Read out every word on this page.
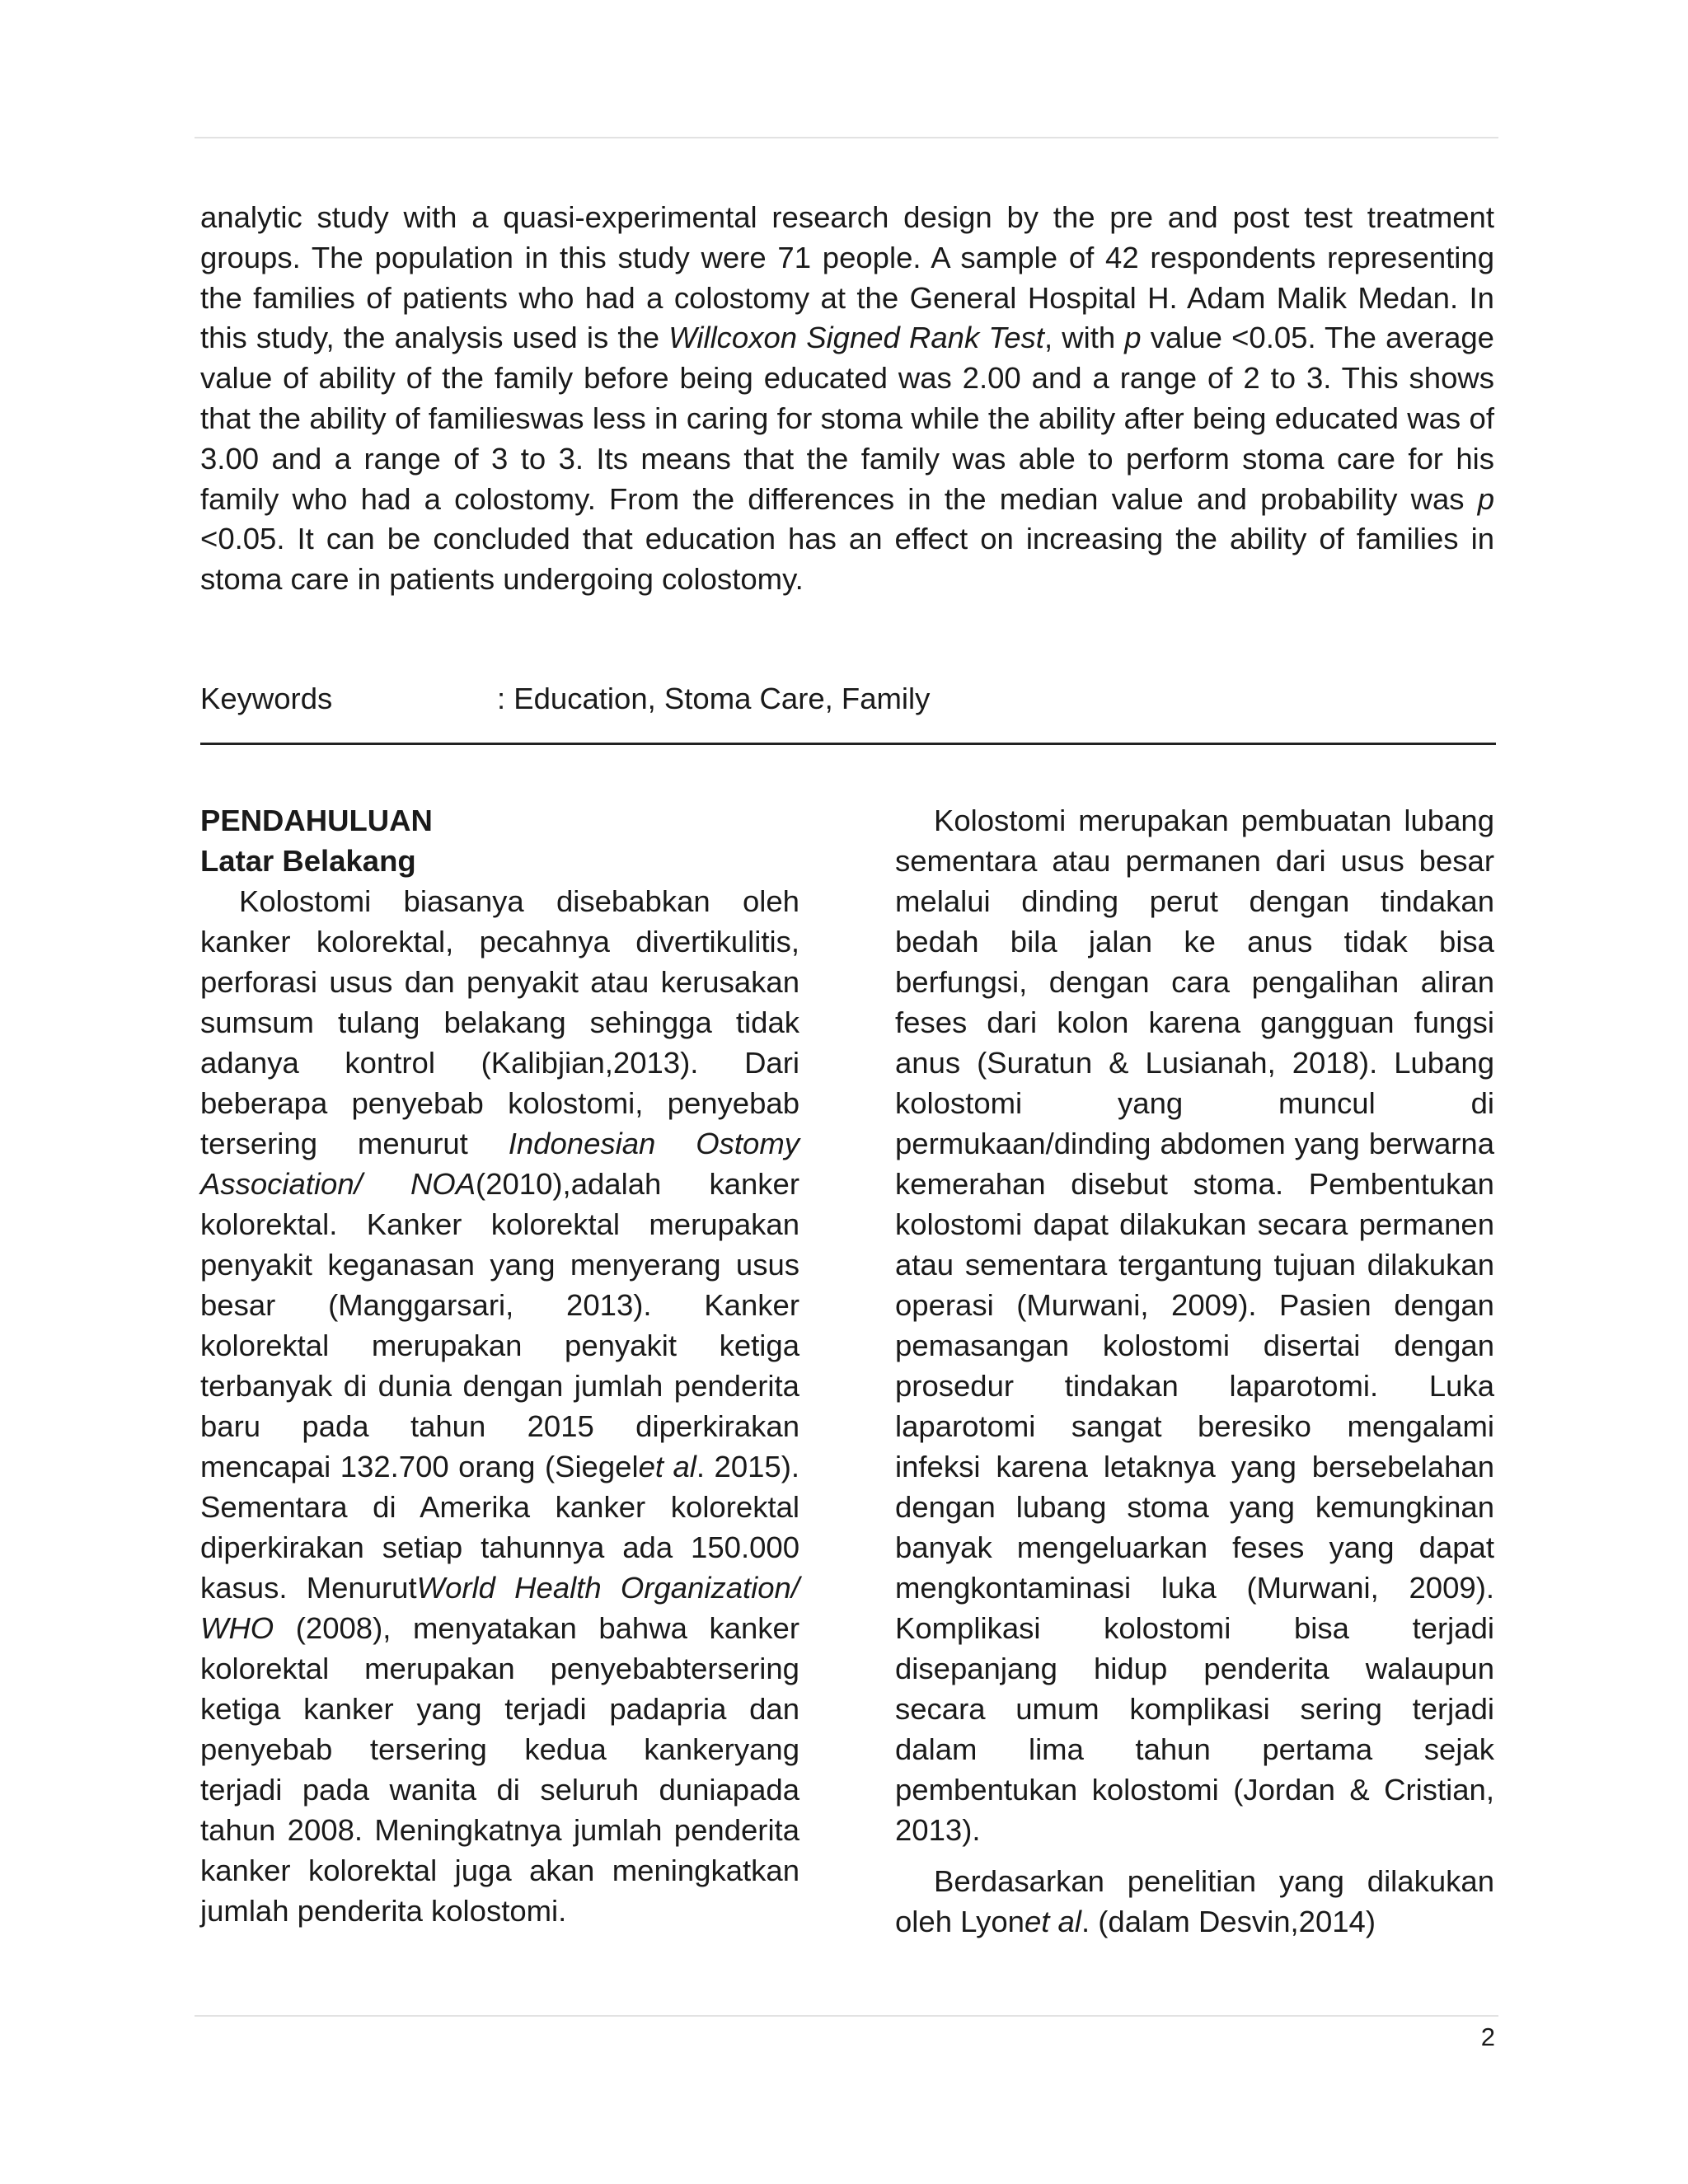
analytic study with a quasi-experimental research design by the pre and post test treatment groups. The population in this study were 71 people. A sample of 42 respondents representing the families of patients who had a colostomy at the General Hospital H. Adam Malik Medan. In this study, the analysis used is the Willcoxon Signed Rank Test, with p value <0.05. The average value of ability of the family before being educated was 2.00 and a range of 2 to 3. This shows that the ability of familieswas less in caring for stoma while the ability after being educated was of 3.00 and a range of 3 to 3. Its means that the family was able to perform stoma care for his family who had a colostomy. From the differences in the median value and probability was p <0.05. It can be concluded that education has an effect on increasing the ability of families in stoma care in patients undergoing colostomy.

Keywords	: Education, Stoma Care, Family
PENDAHULUAN
Latar Belakang

Kolostomi biasanya disebabkan oleh kanker kolorektal, pecahnya divertikulitis, perforasi usus dan penyakit atau kerusakan sumsum tulang belakang sehingga tidak adanya kontrol (Kalibjian,2013). Dari beberapa penyebab kolostomi, penyebab tersering menurut Indonesian Ostomy Association/ NOA(2010),adalah kanker kolorektal. Kanker kolorektal merupakan penyakit keganasan yang menyerang usus besar (Manggarsari, 2013). Kanker kolorektal merupakan penyakit ketiga terbanyak di dunia dengan jumlah penderita baru pada tahun 2015 diperkirakan mencapai 132.700 orang (Siegelet al. 2015). Sementara di Amerika kanker kolorektal diperkirakan setiap tahunnya ada 150.000 kasus. MenurutWorld Health Organization/ WHO (2008), menyatakan bahwa kanker kolorektal merupakan penyebabtersering ketiga kanker yang terjadi padapria dan penyebab tersering kedua kankeryang terjadi pada wanita di seluruh duniapada tahun 2008. Meningkatnya jumlah penderita kanker kolorektal juga akan meningkatkan jumlah penderita kolostomi.

Kolostomi merupakan pembuatan lubang sementara atau permanen dari usus besar melalui dinding perut dengan tindakan bedah bila jalan ke anus tidak bisa berfungsi, dengan cara pengalihan aliran feses dari kolon karena gangguan fungsi anus (Suratun & Lusianah, 2018). Lubang kolostomi yang muncul di permukaan/dinding abdomen yang berwarna kemerahan disebut stoma. Pembentukan kolostomi dapat dilakukan secara permanen atau sementara tergantung tujuan dilakukan operasi (Murwani, 2009). Pasien dengan pemasangan kolostomi disertai dengan prosedur tindakan laparotomi. Luka laparotomi sangat beresiko mengalami infeksi karena letaknya yang bersebelahan dengan lubang stoma yang kemungkinan banyak mengeluarkan feses yang dapat mengkontaminasi luka (Murwani, 2009). Komplikasi kolostomi bisa terjadi disepanjang hidup penderita walaupun secara umum komplikasi sering terjadi dalam lima tahun pertama sejak pembentukan kolostomi (Jordan & Cristian, 2013).

Berdasarkan penelitian yang dilakukan oleh Lyonet al. (dalam Desvin,2014)

2
